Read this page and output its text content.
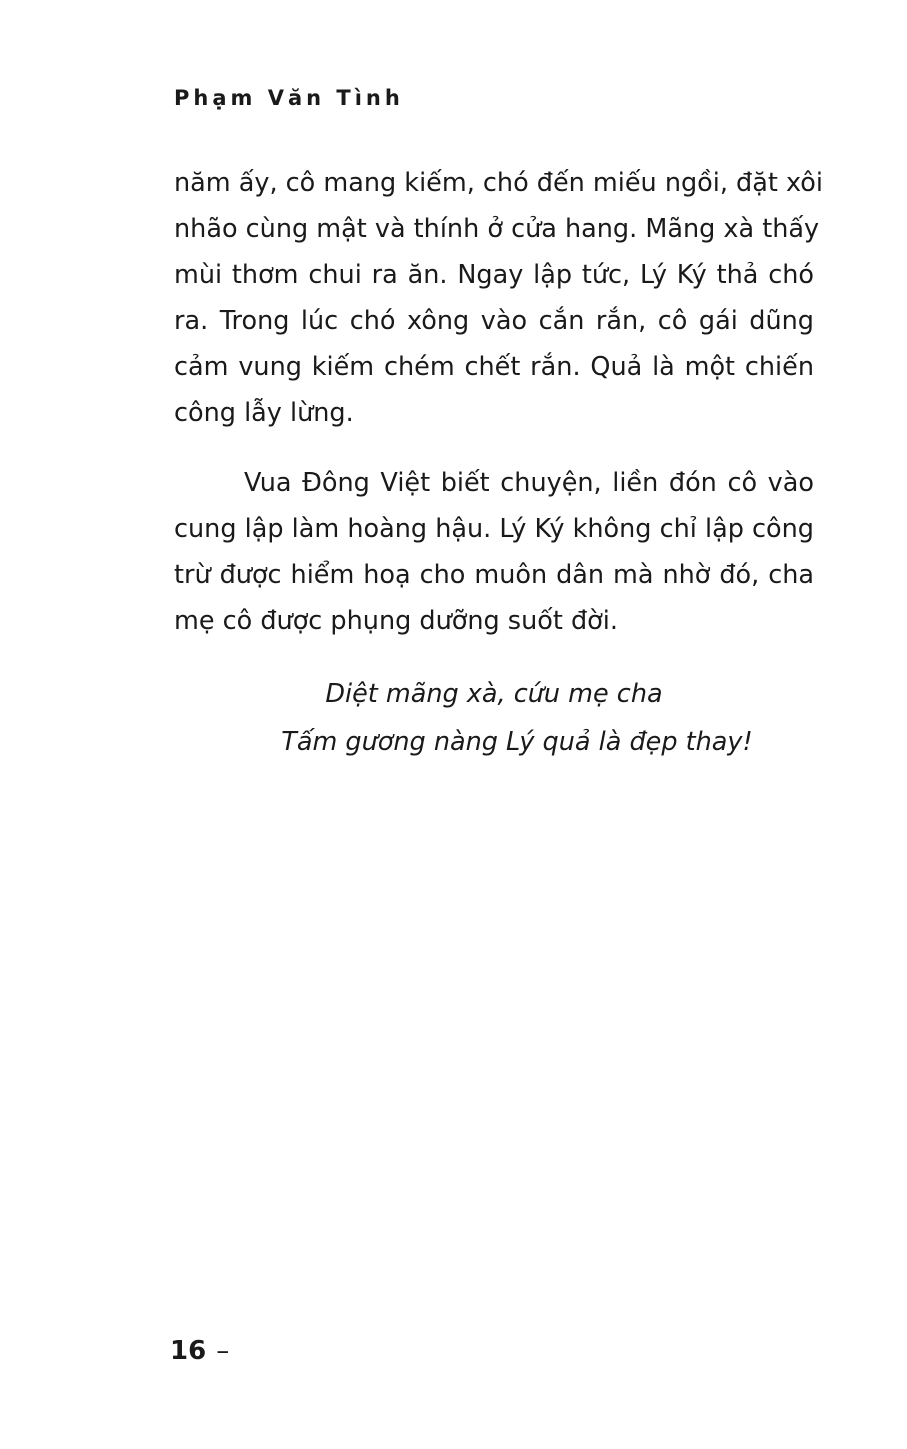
Phạm Văn Tình
năm ấy, cô mang kiếm, chó đến miếu ngồi, đặt xôi
nhão cùng mật và thính ở cửa hang. Mãng xà thấy
mùi thơm chui ra ăn. Ngay lập tức, Lý Ký thả chó
ra. Trong lúc chó xông vào cắn rắn, cô gái dũng
cảm vung kiếm chém chết rắn. Quả là một chiến
công lẫy lừng.
Vua Đông Việt biết chuyện, liền đón cô vào
cung lập làm hoàng hậu. Lý Ký không chỉ lập công
trừ được hiểm hoạ cho muôn dân mà nhờ đó, cha
mẹ cô được phụng dưỡng suốt đời.
Diệt mãng xà, cứu mẹ cha
Tấm gương nàng Lý quả là đẹp thay!
16 –
